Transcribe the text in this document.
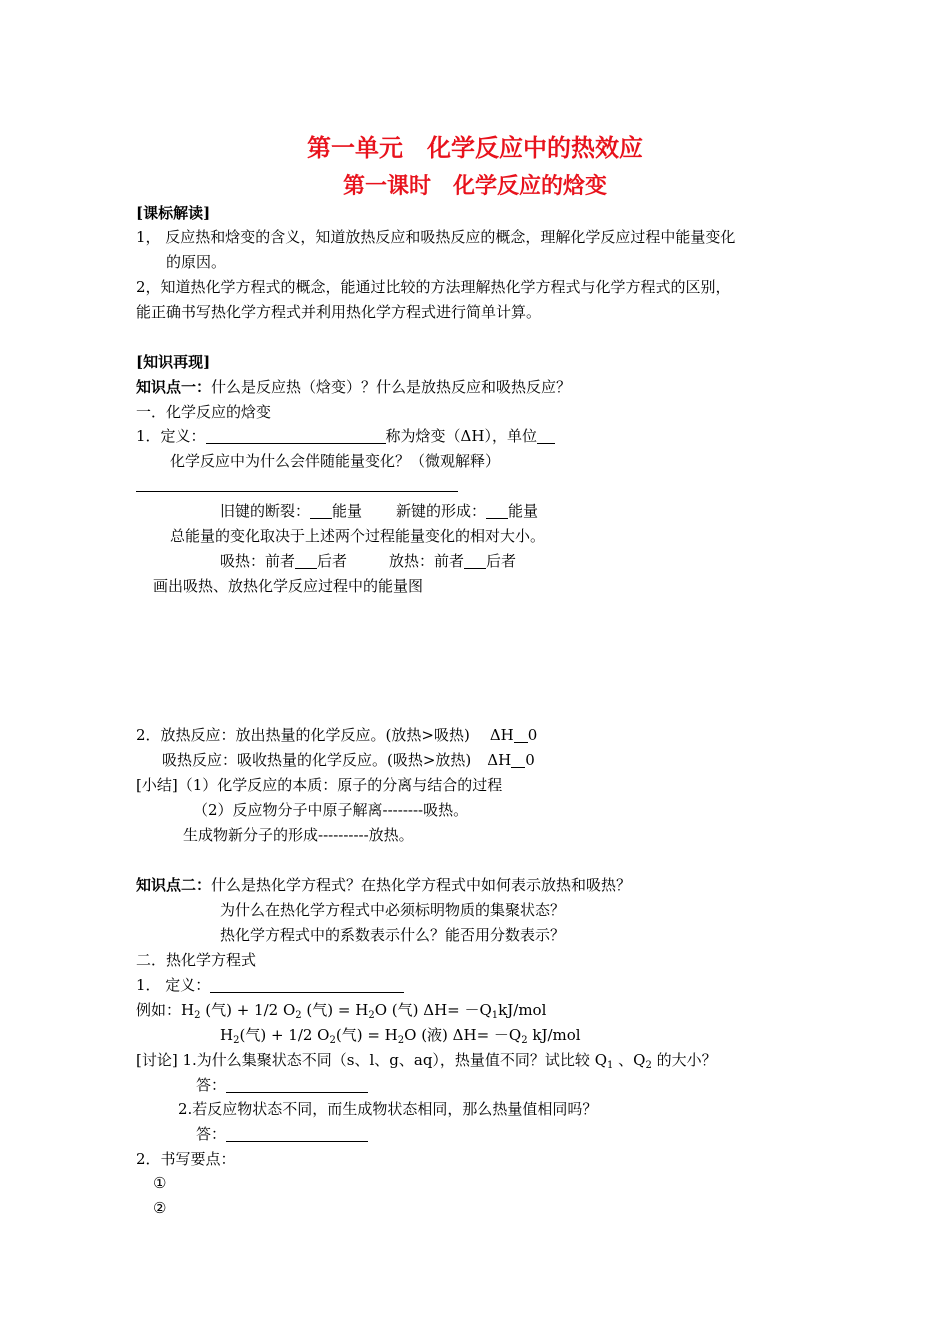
第一单元　化学反应中的热效应
第一课时　化学反应的焓变
[课标解读]
1， 反应热和焓变的含义，知道放热反应和吸热反应的概念，理解化学反应过程中能量变化
的原因。
2，知道热化学方程式的概念，能通过比较的方法理解热化学方程式与化学方程式的区别，
能正确书写热化学方程式并利用热化学方程式进行简单计算。
[知识再现]
知识点一：什么是反应热（焓变）？什么是放热反应和吸热反应？
一．化学反应的焓变
1．定义：	称为焓变（ΔH），单位
化学反应中为什么会伴随能量变化？（微观解释）
旧键的断裂： 能量 新键的形成： 能量
总能量的变化取决于上述两个过程能量变化的相对大小。
吸热：前者 后者	放热：前者 后者
画出吸热、放热化学反应过程中的能量图
2．放热反应：放出热量的化学反应。(放热>吸热) ΔH 0
吸热反应：吸收热量的化学反应。(吸热>放热) ΔH 0
[小结]（1）化学反应的本质：原子的分离与结合的过程
（2）反应物分子中原子解离--------吸热。
生成物新分子的形成----------放热。
知识点二：什么是热化学方程式？在热化学方程式中如何表示放热和吸热？
为什么在热化学方程式中必须标明物质的集聚状态？
热化学方程式中的系数表示什么？能否用分数表示？
二．热化学方程式
1． 定义：
例如：$H_2$ (气) + 1/2 $O_2$ (气) = $H_2O$ (气) $\Delta H= -Q_1kJ$/mol
$H_2$(气) + 1/2 $O_2$(气) = $H_2O$ (液) $\Delta H= -Q_2$ kJ/mol
[讨论] 1.为什么集聚状态不同（s、l、g、aq），热量值不同？试比较 $Q_1$ 、$Q_2$ 的大小？
答：
2.若反应物状态不同，而生成物状态相同，那么热量值相同吗？
答：
2．书写要点：
①
②
